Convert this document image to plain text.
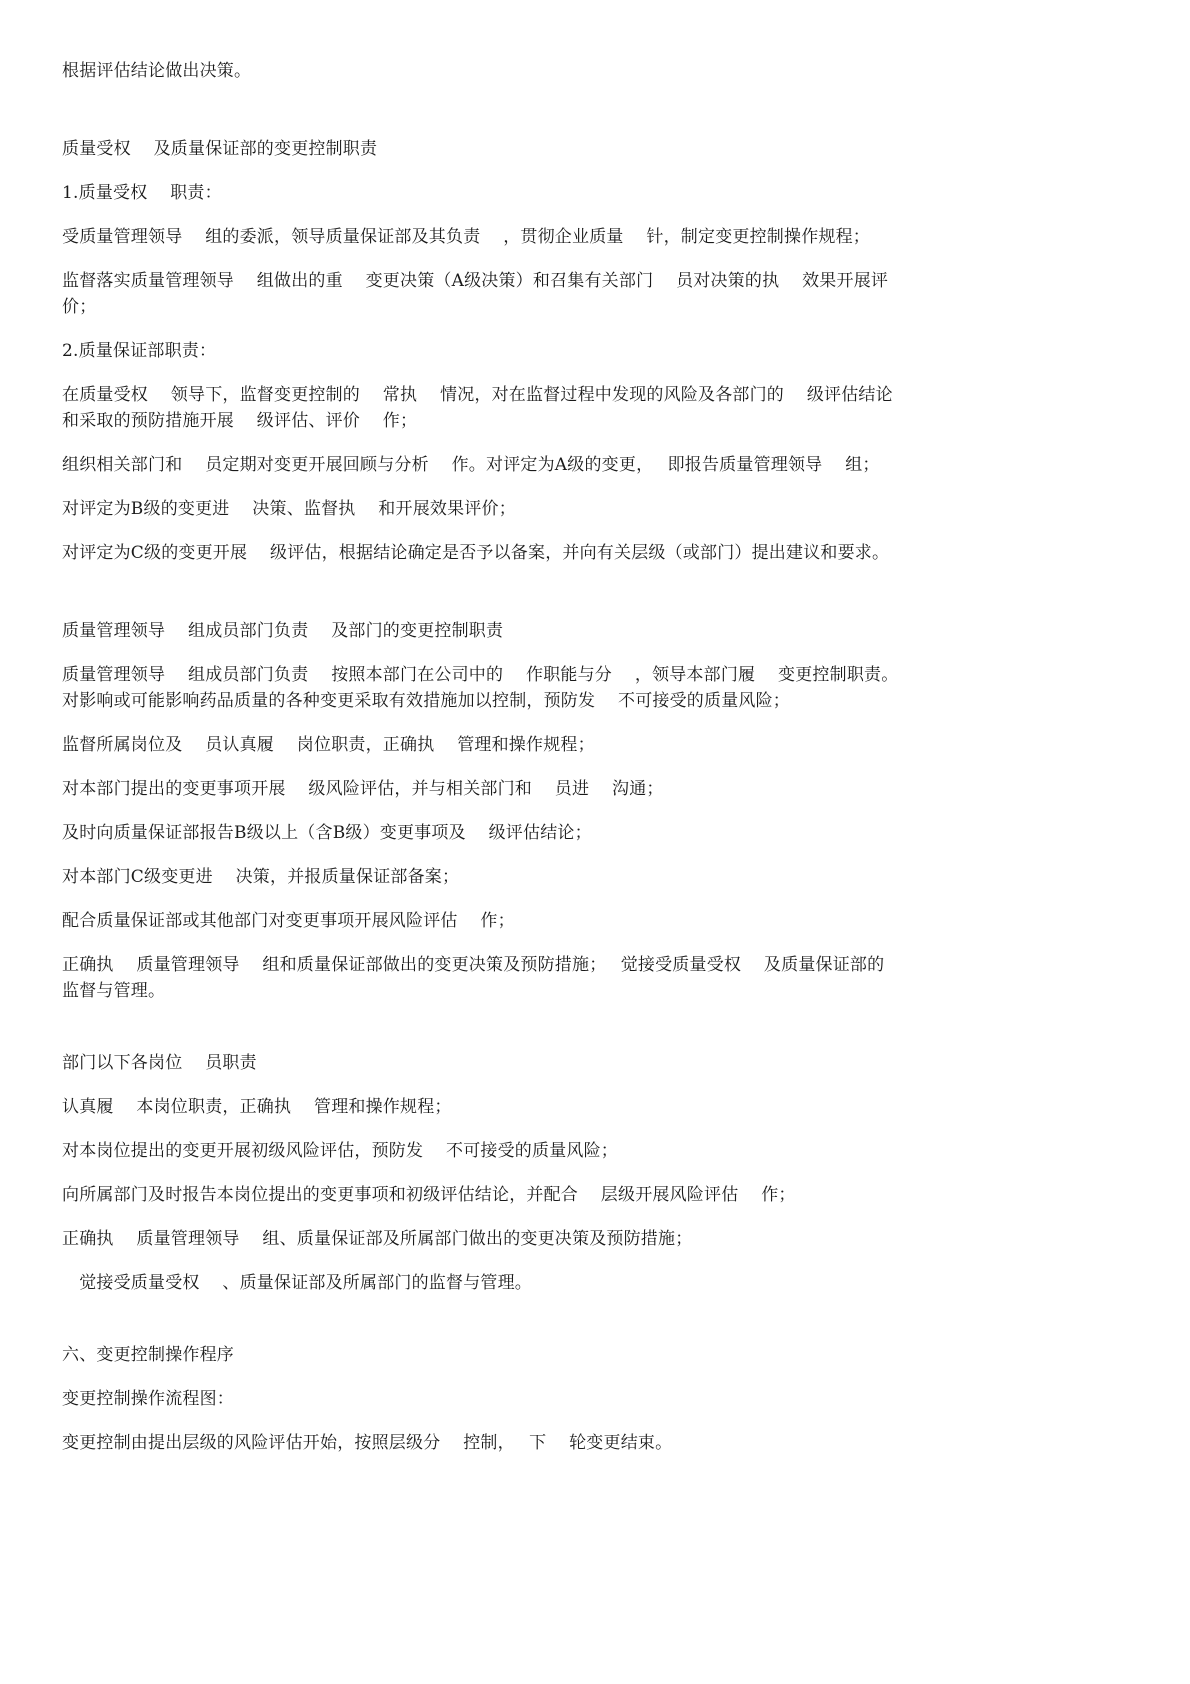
根据评估结论做出决策。

质量受权　 及质量保证部的变更控制职责

1.质量受权　 职责：

受质量管理领导　 组的委派，领导质量保证部及其负责　 ，贯彻企业质量　 针，制定变更控制操作规程；

监督落实质量管理领导　 组做出的重　 变更决策（A级决策）和召集有关部门　 员对决策的执　 效果开展评价；

2.质量保证部职责：

在质量受权　 领导下，监督变更控制的　 常执　 情况，对在监督过程中发现的风险及各部门的　 级评估结论和采取的预防措施开展　 级评估、评价　 作；

组织相关部门和　 员定期对变更开展回顾与分析　 作。对评定为A级的变更，　 即报告质量管理领导　 组；

对评定为B级的变更进　 决策、监督执　 和开展效果评价；

对评定为C级的变更开展　 级评估，根据结论确定是否予以备案，并向有关层级（或部门）提出建议和要求。

质量管理领导　 组成员部门负责　 及部门的变更控制职责

质量管理领导　 组成员部门负责　 按照本部门在公司中的　 作职能与分　 ，领导本部门履　 变更控制职责。对影响或可能影响药品质量的各种变更采取有效措施加以控制，预防发　 不可接受的质量风险；

监督所属岗位及　 员认真履　 岗位职责，正确执　 管理和操作规程；

对本部门提出的变更事项开展　 级风险评估，并与相关部门和　 员进　 沟通；

及时向质量保证部报告B级以上（含B级）变更事项及　 级评估结论；

对本部门C级变更进　 决策，并报质量保证部备案；

配合质量保证部或其他部门对变更事项开展风险评估　 作；

正确执　 质量管理领导　 组和质量保证部做出的变更决策及预防措施；　 觉接受质量受权　 及质量保证部的监督与管理。

部门以下各岗位　 员职责

认真履　 本岗位职责，正确执　 管理和操作规程；

对本岗位提出的变更开展初级风险评估，预防发　 不可接受的质量风险；

向所属部门及时报告本岗位提出的变更事项和初级评估结论，并配合　 层级开展风险评估　 作；

正确执　 质量管理领导　 组、质量保证部及所属部门做出的变更决策及预防措施；

　觉接受质量受权　 、质量保证部及所属部门的监督与管理。

六、变更控制操作程序

变更控制操作流程图：

变更控制由提出层级的风险评估开始，按照层级分　 控制，　 下　 轮变更结束。
